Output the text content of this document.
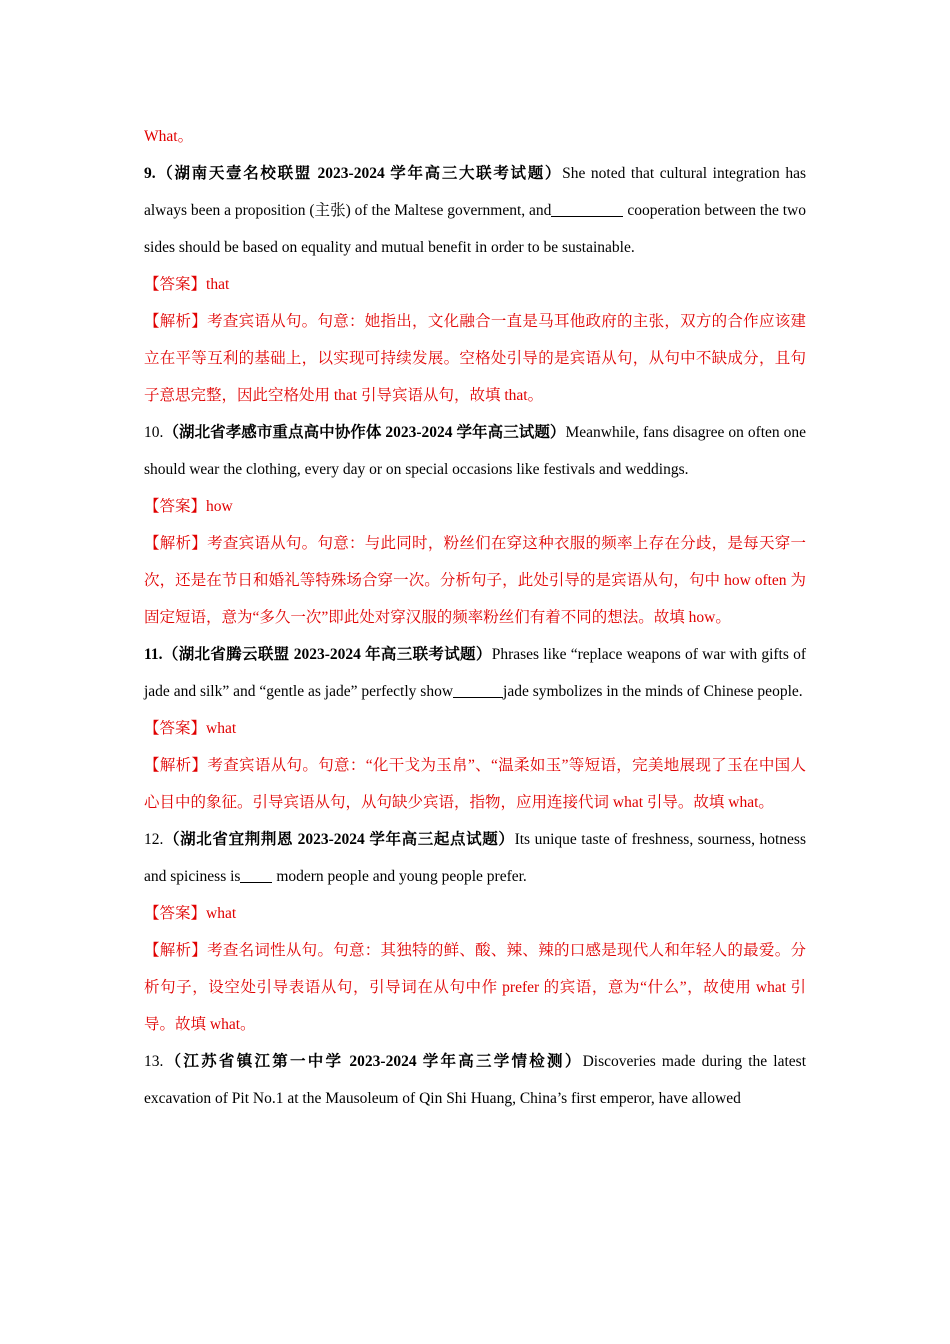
What。

9.（湖南天壹名校联盟 2023-2024 学年高三大联考试题）She noted that cultural integration has always been a proposition (主张) of the Maltese government, and	cooperation between the two sides should be based on equality and mutual benefit in order to be sustainable.

【答案】that

【解析】考查宾语从句。句意：她指出，文化融合一直是马耳他政府的主张，双方的合作应该建立在平等互利的基础上，以实现可持续发展。空格处引导的是宾语从句，从句中不缺成分，且句子意思完整，因此空格处用 that 引导宾语从句，故填 that。

10.（湖北省孝感市重点高中协作体 2023-2024 学年高三试题）Meanwhile, fans disagree on often one should wear the clothing, every day or on special occasions like festivals and weddings.

【答案】how

【解析】考查宾语从句。句意：与此同时，粉丝们在穿这种衣服的频率上存在分歧，是每天穿一次，还是在节日和婚礼等特殊场合穿一次。分析句子，此处引导的是宾语从句，句中 how often 为固定短语，意为“多久一次”即此处对穿汉服的频率粉丝们有着不同的想法。故填 how。

11.（湖北省腾云联盟 2023-2024 年高三联考试题）Phrases like “replace weapons of war with gifts of jade and silk” and “gentle as jade” perfectly show	jade symbolizes in the minds of Chinese people.

【答案】what

【解析】考查宾语从句。句意：“化干戈为玉帛”、“温柔如玉”等短语，完美地展现了玉在中国人心目中的象征。引导宾语从句，从句缺少宾语，指物，应用连接代词 what 引导。故填 what。

12.（湖北省宜荆荆恩 2023-2024 学年高三起点试题）Its unique taste of freshness, sourness, hotness and spiciness is modern people and young people prefer.

【答案】what

【解析】考查名词性从句。句意：其独特的鲜、酸、辣、辣的口感是现代人和年轻人的最爱。分析句子，设空处引导表语从句，引导词在从句中作 prefer 的宾语，意为“什么”，故使用 what 引导。故填 what。

13.（江苏省镇江第一中学 2023-2024 学年高三学情检测）Discoveries made during the latest excavation of Pit No.1 at the Mausoleum of Qin Shi Huang, China’s first emperor, have allowed
